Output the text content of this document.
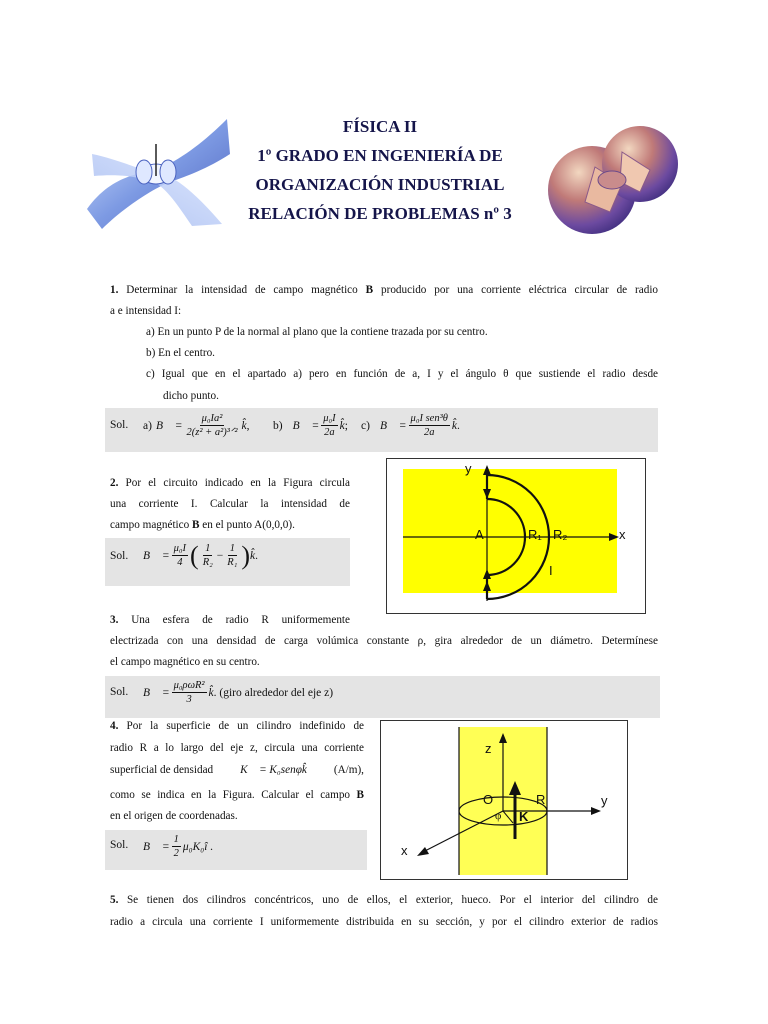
FÍSICA II
1º GRADO EN INGENIERÍA DE
ORGANIZACIÓN INDUSTRIAL
RELACIÓN DE PROBLEMAS nº 3
1. Determinar la intensidad de campo magnético B producido por una corriente eléctrica circular de radio
a e intensidad I:
a) En un punto P de la normal al plano que la contiene trazada por su centro.
b) En el centro.
c) Igual que en el apartado a) pero en función de a, I y el ángulo θ que sustiende el radio desde
dicho punto.
Sol. a) B⃗ = $\frac{\text{μ₀Ia²}}{\text{2(z² + a²)³ᐟ²}}$ k̂ , b) B⃗ = $\frac{\text{μ₀I}}{2a}$ k̂ ; c) B⃗ = $\frac{\text{μ₀I sen³θ}}{2a}$ k̂ .
2. Por el circuito indicado en la Figura circula
una corriente I. Calcular la intensidad de
campo magnético B en el punto A(0,0,0).
Sol. B⃗ = $\frac{\text{μ₀I}}{4}$ ( $\frac{1}{\text{R₂}} - \frac{1}{\text{R₁}}$ ) k̂ .
y
x
A	R₁ R₂
I
3. Una esfera de radio R uniformemente
electrizada con una densidad de carga volúmica constante ρ, gira alrededor de un diámetro. Determínese
el campo magnético en su centro.
Sol. B⃗ = $\frac{\text{μ₀ρωR²}}{3}$ k̂ . (giro alrededor del eje z)
4. Por la superficie de un cilindro indefinido de
radio R a lo largo del eje z, circula una corriente
superficial de densidad K⃗ = K₀senφk̂ (A/m),
como se indica en la Figura. Calcular el campo B
en el origen de coordenadas.
Sol. B⃗ = $\frac{1}{2}$ μ₀K₀î .
z
y
x
O	R
φ K
5. Se tienen dos cilindros concéntricos, uno de ellos, el exterior, hueco. Por el interior del cilindro de
radio a circula una corriente I uniformemente distribuida en su sección, y por el cilindro exterior de radios
